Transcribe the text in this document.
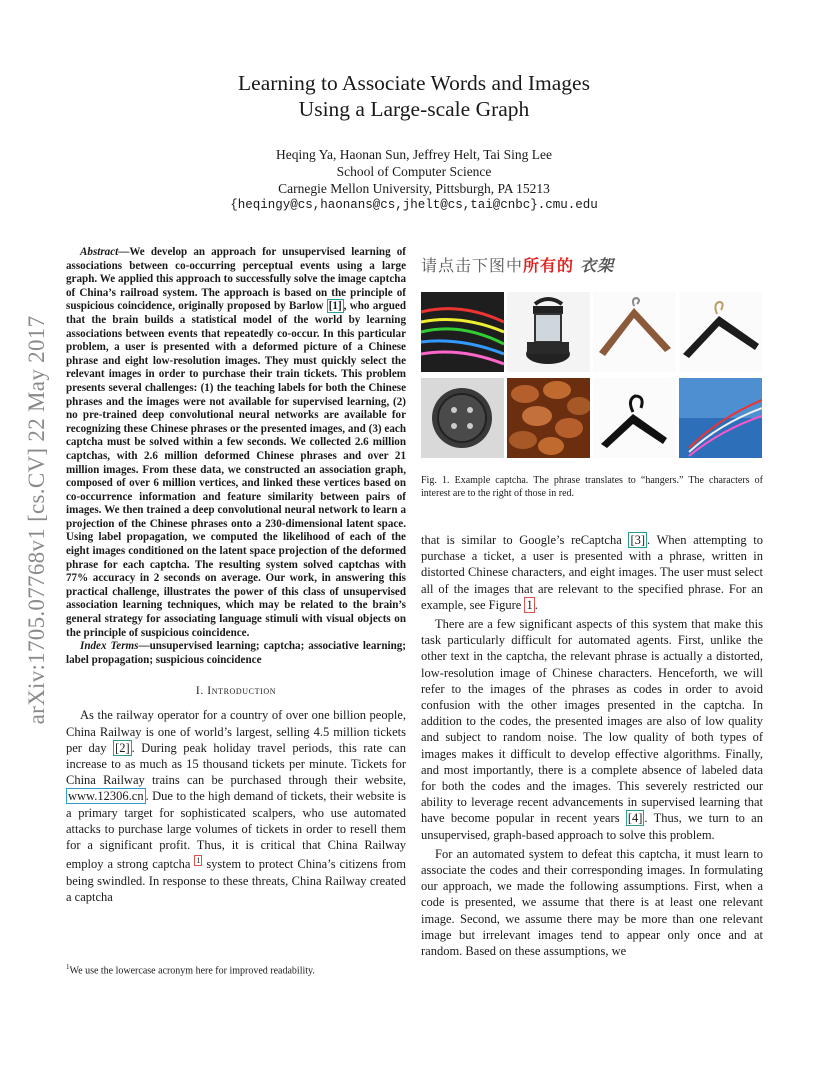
arXiv:1705.07768v1 [cs.CV] 22 May 2017
Learning to Associate Words and Images
Using a Large-scale Graph
Heqing Ya, Haonan Sun, Jeffrey Helt, Tai Sing Lee
School of Computer Science
Carnegie Mellon University, Pittsburgh, PA 15213
{heqingy@cs,haonans@cs,jhelt@cs,tai@cnbc}.cmu.edu

Abstract—We develop an approach for unsupervised learning of associations between co-occurring perceptual events using a large graph. We applied this approach to successfully solve the image captcha of China’s railroad system. The approach is based on the principle of suspicious coincidence, originally proposed by Barlow [1] , who argued that the brain builds a statistical model of the world by learning associations between events that repeatedly co-occur. In this particular problem, a user is presented with a deformed picture of a Chinese phrase and eight low-resolution images. They must quickly select the relevant images in order to purchase their train tickets. This problem presents several challenges: (1) the teaching labels for both the Chinese phrases and the images were not available for supervised learning, (2) no pre-trained deep convolutional neural networks are available for recognizing these Chinese phrases or the presented images, and (3) each captcha must be solved within a few seconds. We collected 2.6 million captchas, with 2.6 million deformed Chinese phrases and over 21 million images. From these data, we constructed an association graph, composed of over 6 million vertices, and linked these vertices based on co-occurrence information and feature similarity between pairs of images. We then trained a deep convolutional neural network to learn a projection of the Chinese phrases onto a 230-dimensional latent space. Using label propagation, we computed the likelihood of each of the eight images conditioned on the latent space projection of the deformed phrase for each captcha. The resulting system solved captchas with 77% accuracy in 2 seconds on average. Our work, in answering this practical challenge, illustrates the power of this class of unsupervised association learning techniques, which may be related to the brain’s general strategy for associating language stimuli with visual objects on the principle of suspicious coincidence.

Index Terms—unsupervised learning; captcha; associative learning; label propagation; suspicious coincidence

I. Introduction

As the railway operator for a country of over one billion people, China Railway is one of world’s largest, selling 4.5 million tickets per day [2] . During peak holiday travel periods, this rate can increase to as much as 15 thousand tickets per minute. Tickets for China Railway trains can be purchased through their website, www.12306.cn . Due to the high demand of tickets, their website is a primary target for sophisticated scalpers, who use automated attacks to purchase large volumes of tickets in order to resell them for a significant profit. Thus, it is critical that China Railway employ a strong captcha $^1$ system to protect China’s citizens from being swindled. In response to these threats, China Railway created a captcha

$^1$We use the lowercase acronym here for improved readability.
请点击下图中所有的 衣架
Fig. 1. Example captcha. The phrase translates to “hangers.” The characters of interest are to the right of those in red.

that is similar to Google’s reCaptcha [3] . When attempting to purchase a ticket, a user is presented with a phrase, written in distorted Chinese characters, and eight images. The user must select all of the images that are relevant to the specified phrase. For an example, see Figure 1 .

There are a few significant aspects of this system that make this task particularly difficult for automated agents. First, unlike the other text in the captcha, the relevant phrase is actually a distorted, low-resolution image of Chinese characters. Henceforth, we will refer to the images of the phrases as codes in order to avoid confusion with the other images presented in the captcha. In addition to the codes, the presented images are also of low quality and subject to random noise. The low quality of both types of images makes it difficult to develop effective algorithms. Finally, and most importantly, there is a complete absence of labeled data for both the codes and the images. This severely restricted our ability to leverage recent advancements in supervised learning that have become popular in recent years [4] . Thus, we turn to an unsupervised, graph-based approach to solve this problem.

For an automated system to defeat this captcha, it must learn to associate the codes and their corresponding images. In formulating our approach, we made the following assumptions. First, when a code is presented, we assume that there is at least one relevant image. Second, we assume there may be more than one relevant image but irrelevant images tend to appear only once and at random. Based on these assumptions, we
